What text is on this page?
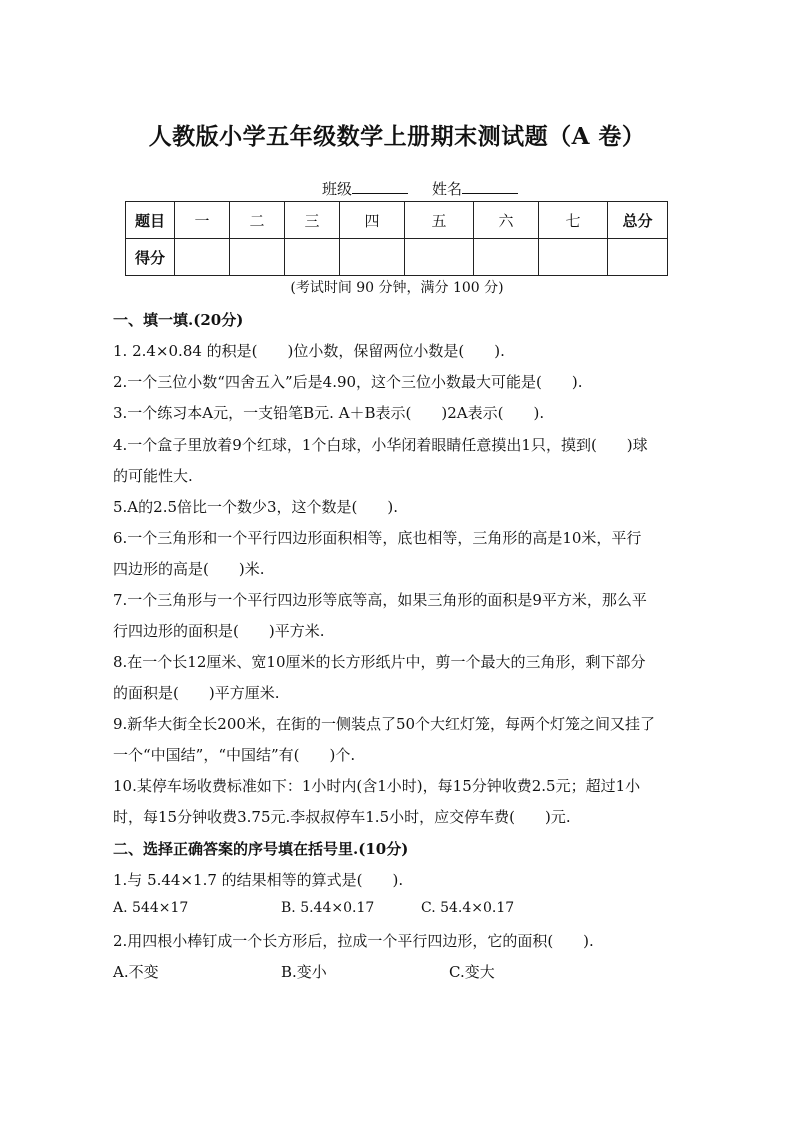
人教版小学五年级数学上册期末测试题（A 卷）
班级	姓名
题目	一	二	三	四	五	六	七	总分
得分								
(考试时间 90 分钟，满分 100 分)
一、填一填.(20分)
1. 2.4×0.84 的积是(　　)位小数，保留两位小数是(　　).
2.一个三位小数“四舍五入”后是4.90，这个三位小数最大可能是(　　).
3.一个练习本A元，一支铅笔B元. A＋B表示(　　)2A表示(　　).
4.一个盒子里放着9个红球，1个白球，小华闭着眼睛任意摸出1只，摸到(　　)球
的可能性大.
5.A的2.5倍比一个数少3，这个数是(　　).
6.一个三角形和一个平行四边形面积相等，底也相等，三角形的高是10米，平行
四边形的高是(　　)米.
7.一个三角形与一个平行四边形等底等高，如果三角形的面积是9平方米，那么平
行四边形的面积是(　　)平方米.
8.在一个长12厘米、宽10厘米的长方形纸片中，剪一个最大的三角形，剩下部分
的面积是(　　)平方厘米.
9.新华大街全长200米，在街的一侧装点了50个大红灯笼，每两个灯笼之间又挂了
一个“中国结”，“中国结”有(　　)个.
10.某停车场收费标准如下：1小时内(含1小时)，每15分钟收费2.5元；超过1小
时，每15分钟收费3.75元.李叔叔停车1.5小时，应交停车费(　　)元.
二、选择正确答案的序号填在括号里.(10分)
1.与 5.44×1.7 的结果相等的算式是(　　).
A. 544×17	B. 5.44×0.17	C. 54.4×0.17
2.用四根小棒钉成一个长方形后，拉成一个平行四边形，它的面积(　　).
A.不变	B.变小	C.变大
